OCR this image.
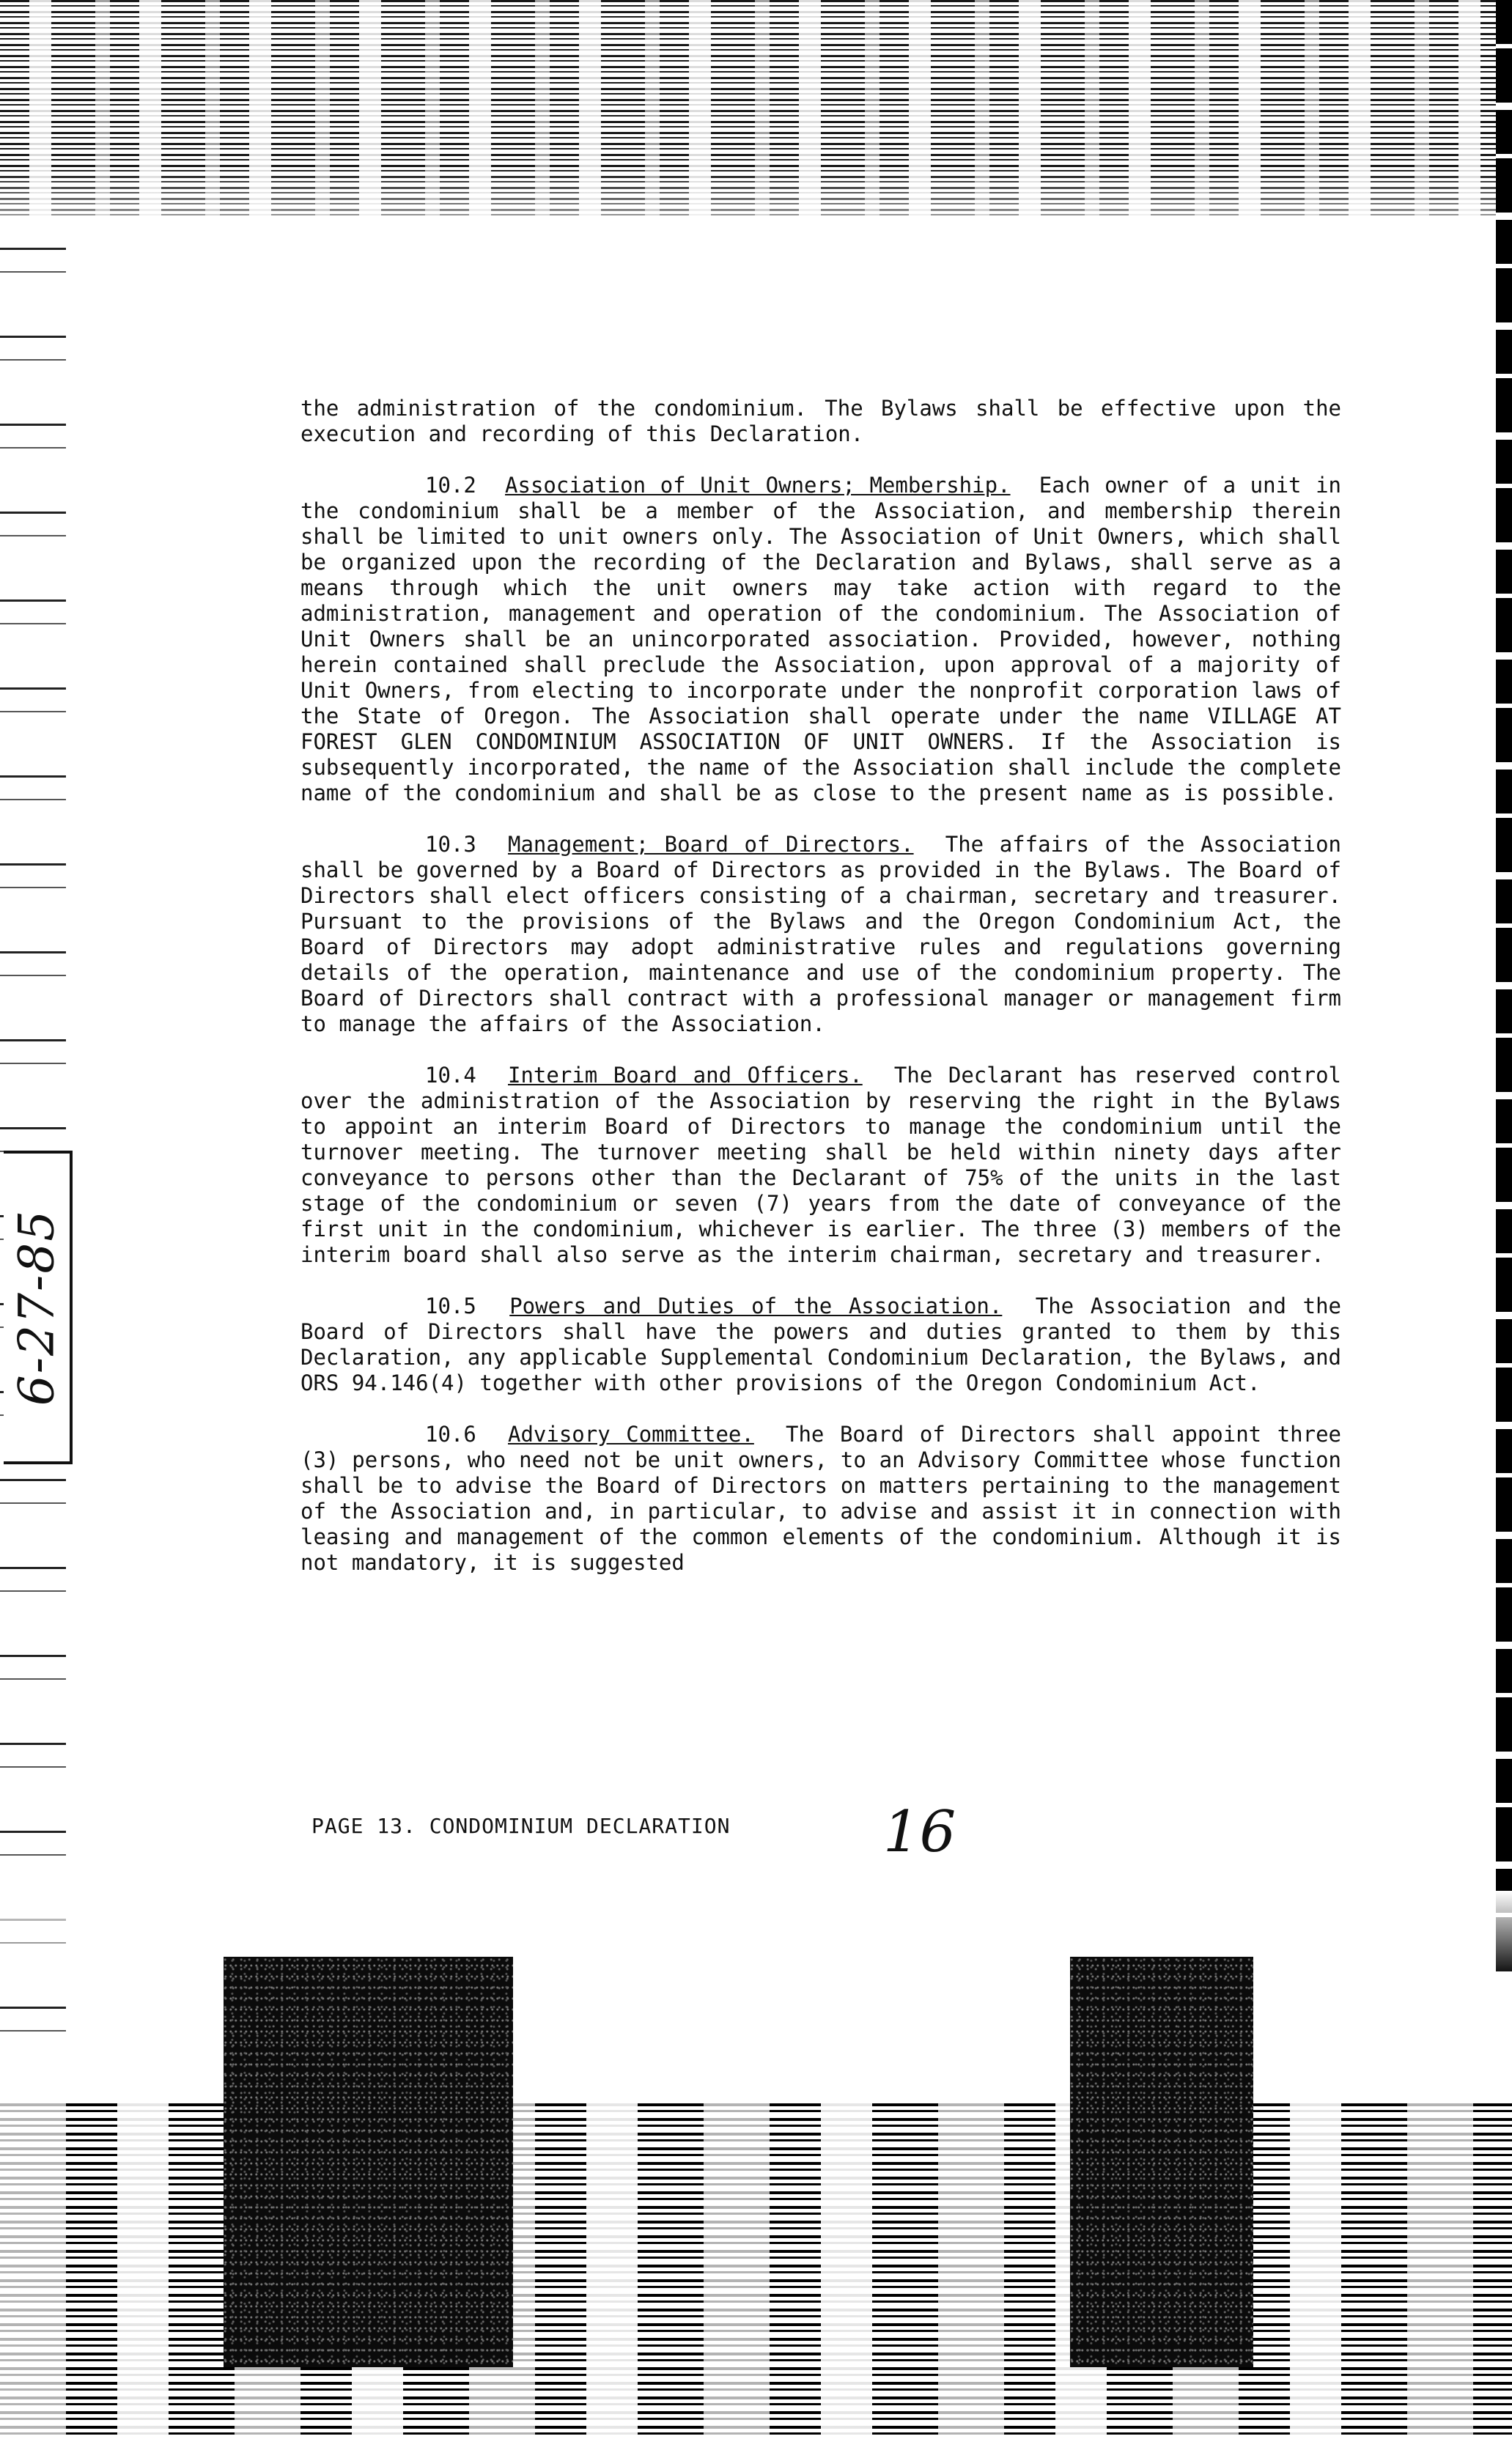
6-27-85

the administration of the condominium. The Bylaws shall be effective upon the execution and recording of this Declaration.

10.2 Association of Unit Owners; Membership. Each owner of a unit in the condominium shall be a member of the Association, and membership therein shall be limited to unit owners only. The Association of Unit Owners, which shall be organized upon the recording of the Declaration and Bylaws, shall serve as a means through which the unit owners may take action with regard to the administration, management and operation of the condominium. The Association of Unit Owners shall be an unincorporated association. Provided, however, nothing herein contained shall preclude the Association, upon approval of a majority of Unit Owners, from electing to incorporate under the nonprofit corporation laws of the State of Oregon. The Association shall operate under the name VILLAGE AT FOREST GLEN CONDOMINIUM ASSOCIATION OF UNIT OWNERS. If the Association is subsequently incorporated, the name of the Association shall include the complete name of the condominium and shall be as close to the present name as is possible.

10.3 Management; Board of Directors. The affairs of the Association shall be governed by a Board of Directors as provided in the Bylaws. The Board of Directors shall elect officers consisting of a chairman, secretary and treasurer. Pursuant to the provisions of the Bylaws and the Oregon Condominium Act, the Board of Directors may adopt administrative rules and regulations governing details of the operation, maintenance and use of the condominium property. The Board of Directors shall contract with a professional manager or management firm to manage the affairs of the Association.

10.4 Interim Board and Officers. The Declarant has reserved control over the administration of the Association by reserving the right in the Bylaws to appoint an interim Board of Directors to manage the condominium until the turnover meeting. The turnover meeting shall be held within ninety days after conveyance to persons other than the Declarant of 75% of the units in the last stage of the condominium or seven (7) years from the date of conveyance of the first unit in the condominium, whichever is earlier. The three (3) members of the interim board shall also serve as the interim chairman, secretary and treasurer.

10.5 Powers and Duties of the Association. The Association and the Board of Directors shall have the powers and duties granted to them by this Declaration, any applicable Supplemental Condominium Declaration, the Bylaws, and ORS 94.146(4) together with other provisions of the Oregon Condominium Act.

10.6 Advisory Committee. The Board of Directors shall appoint three (3) persons, who need not be unit owners, to an Advisory Committee whose function shall be to advise the Board of Directors on matters pertaining to the management of the Association and, in particular, to advise and assist it in connection with leasing and management of the common elements of the condominium. Although it is not mandatory, it is suggested

PAGE 13. CONDOMINIUM DECLARATION	16
